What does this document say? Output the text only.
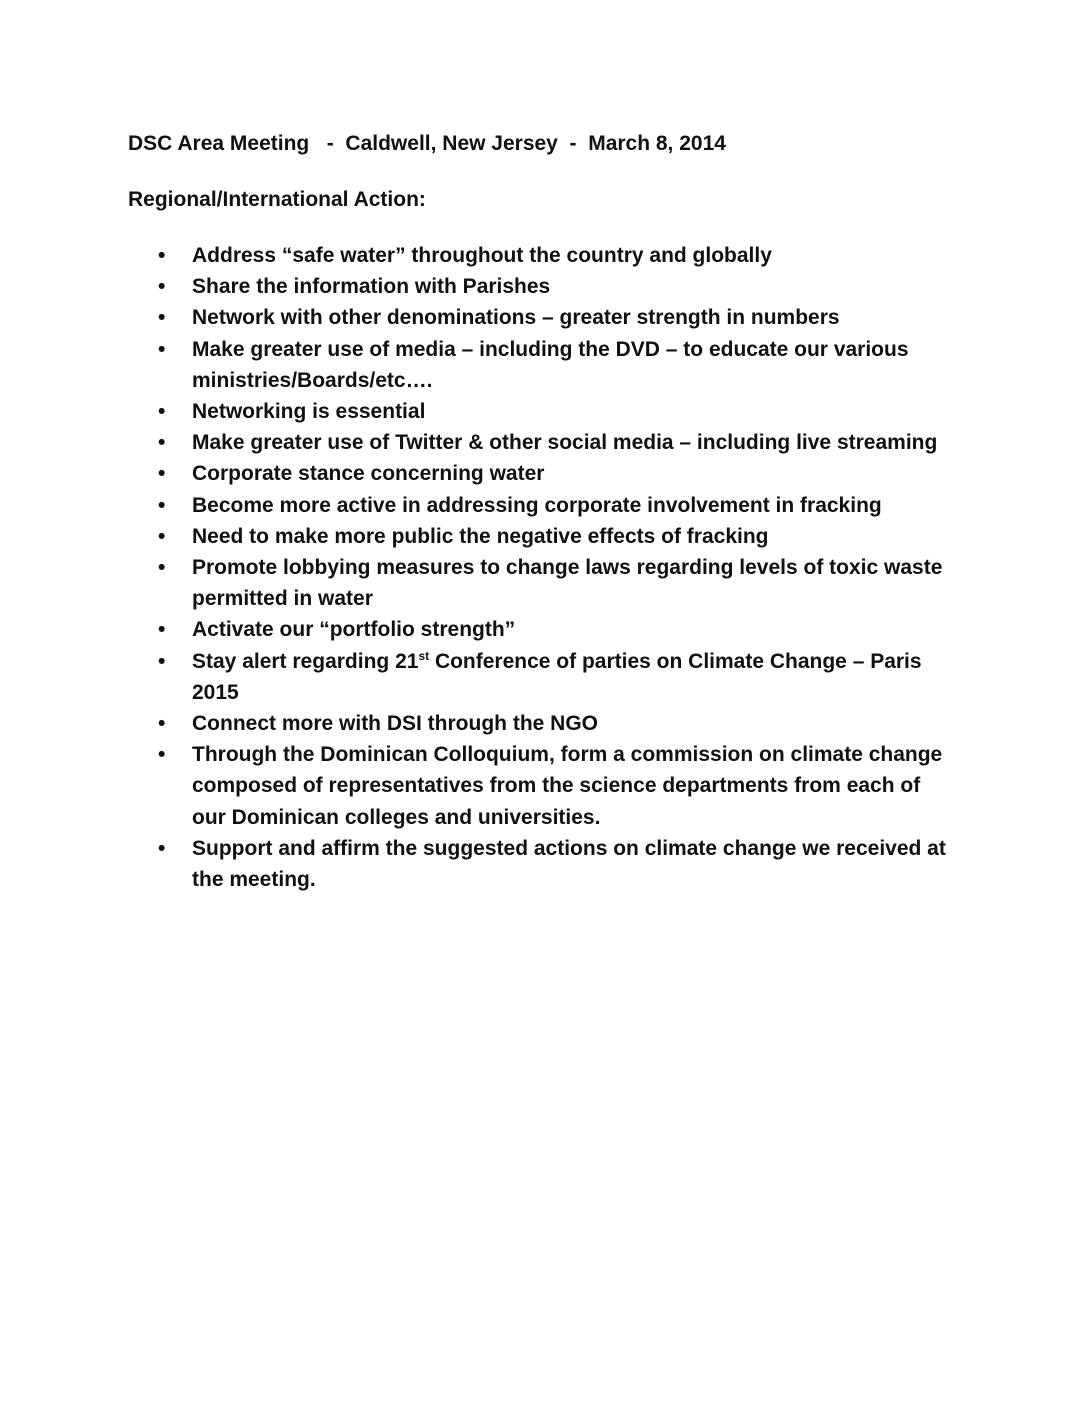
DSC Area Meeting   -  Caldwell, New Jersey  -  March 8, 2014
Regional/International Action:
•	Address “safe water” throughout the country and globally
•	Share the information with Parishes
•	Network with other denominations – greater strength in numbers
•	Make greater use of media – including the DVD – to educate our various ministries/Boards/etc….
•	Networking is essential
•	Make greater use of Twitter & other social media – including live streaming
•	Corporate stance concerning water
•	Become more active in addressing corporate involvement in fracking
•	Need to make more public the negative effects of fracking
•	Promote lobbying measures to change laws regarding levels of toxic waste permitted in water
•	Activate our “portfolio strength”
•	Stay alert regarding 21st Conference of parties on Climate Change – Paris 2015
•	Connect more with DSI through the NGO
•	Through the Dominican Colloquium, form a commission on climate change composed of representatives from the science departments from each of our Dominican colleges and universities.
•	Support and affirm the suggested actions on climate change we received at the meeting.
